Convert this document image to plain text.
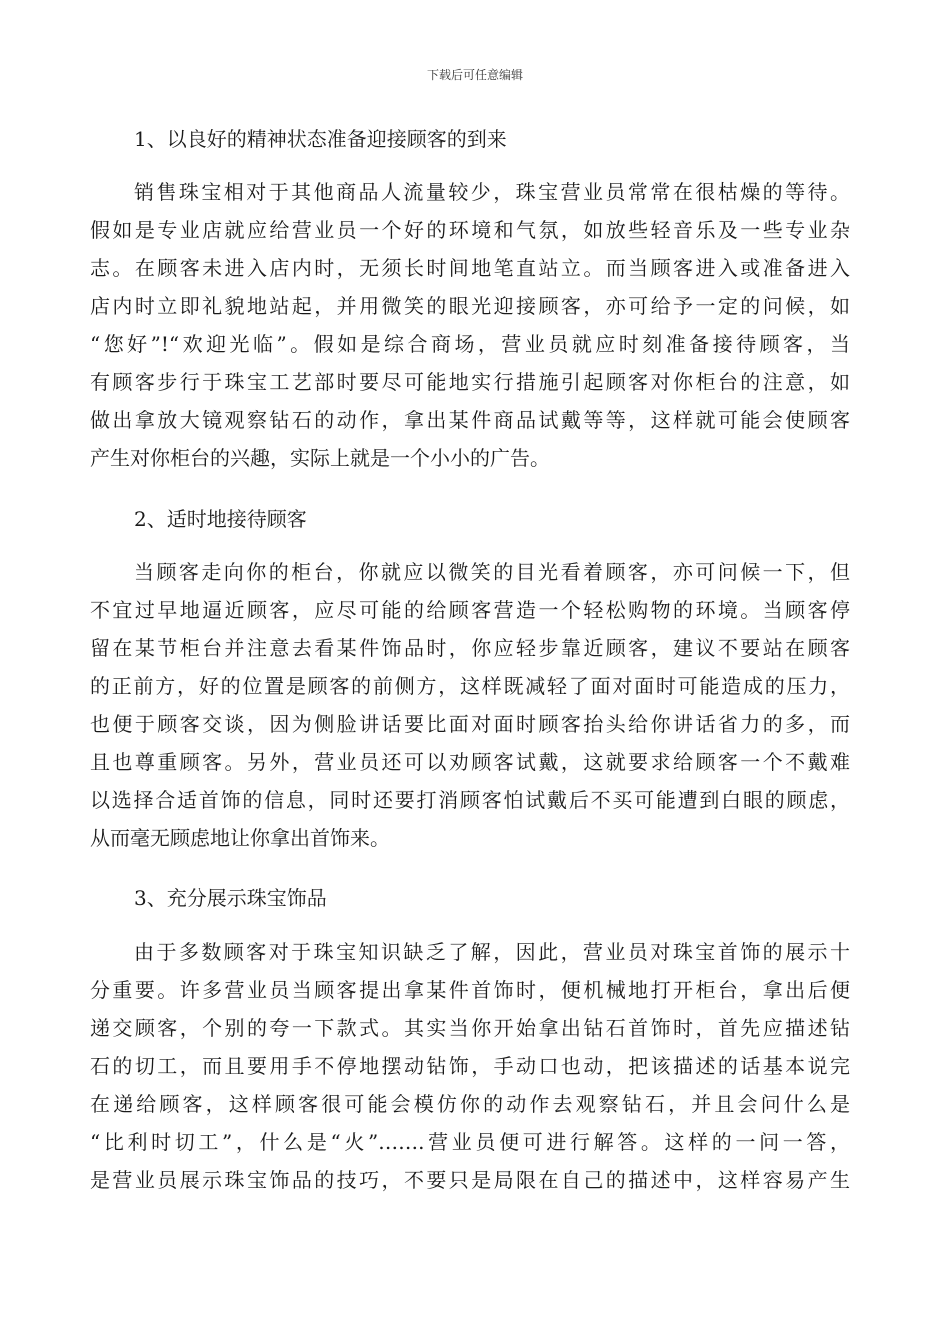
下载后可任意编辑
1、以良好的精神状态准备迎接顾客的到来
销售珠宝相对于其他商品人流量较少，珠宝营业员常常在很枯燥的等待。
假如是专业店就应给营业员一个好的环境和气氛，如放些轻音乐及一些专业杂
志。在顾客未进入店内时，无须长时间地笔直站立。而当顾客进入或准备进入
店内时立即礼貌地站起，并用微笑的眼光迎接顾客，亦可给予一定的问候，如
“您好”!“欢迎光临”。假如是综合商场，营业员就应时刻准备接待顾客，当
有顾客步行于珠宝工艺部时要尽可能地实行措施引起顾客对你柜台的注意，如
做出拿放大镜观察钻石的动作，拿出某件商品试戴等等，这样就可能会使顾客
产生对你柜台的兴趣，实际上就是一个小小的广告。
2、适时地接待顾客
当顾客走向你的柜台，你就应以微笑的目光看着顾客，亦可问候一下，但
不宜过早地逼近顾客，应尽可能的给顾客营造一个轻松购物的环境。当顾客停
留在某节柜台并注意去看某件饰品时，你应轻步靠近顾客，建议不要站在顾客
的正前方，好的位置是顾客的前侧方，这样既减轻了面对面时可能造成的压力，
也便于顾客交谈，因为侧脸讲话要比面对面时顾客抬头给你讲话省力的多，而
且也尊重顾客。另外，营业员还可以劝顾客试戴，这就要求给顾客一个不戴难
以选择合适首饰的信息，同时还要打消顾客怕试戴后不买可能遭到白眼的顾虑，
从而毫无顾虑地让你拿出首饰来。
3、充分展示珠宝饰品
由于多数顾客对于珠宝知识缺乏了解，因此，营业员对珠宝首饰的展示十
分重要。许多营业员当顾客提出拿某件首饰时，便机械地打开柜台，拿出后便
递交顾客，个别的夸一下款式。其实当你开始拿出钻石首饰时，首先应描述钻
石的切工，而且要用手不停地摆动钻饰，手动口也动，把该描述的话基本说完
在递给顾客，这样顾客很可能会模仿你的动作去观察钻石，并且会问什么是
“比利时切工”，什么是“火”…….营业员便可进行解答。这样的一问一答，
是营业员展示珠宝饰品的技巧，不要只是局限在自己的描述中，这样容易产生
